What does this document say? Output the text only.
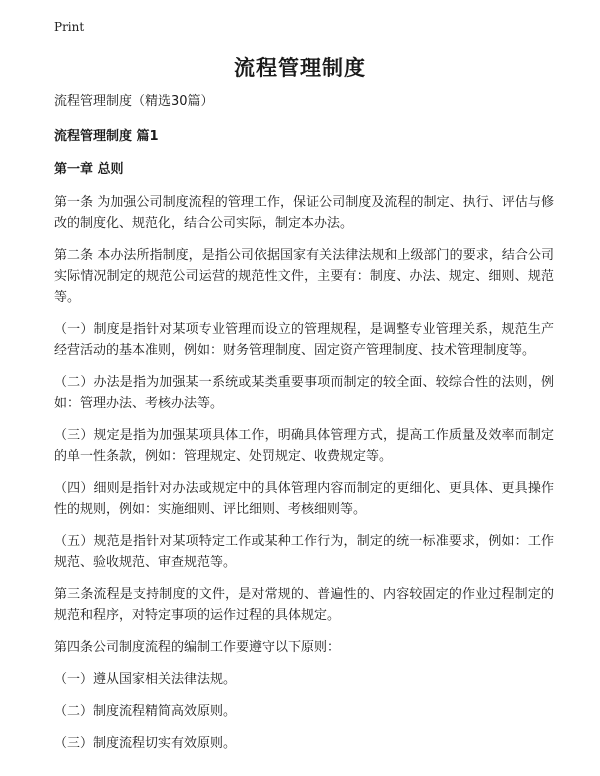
Print
流程管理制度

流程管理制度（精选30篇）

流程管理制度 篇1

第一章 总则

第一条 为加强公司制度流程的管理工作，保证公司制度及流程的制定、执行、评估与修改的制度化、规范化，结合公司实际，制定本办法。

第二条 本办法所指制度，是指公司依据国家有关法律法规和上级部门的要求，结合公司实际情况制定的规范公司运营的规范性文件，主要有：制度、办法、规定、细则、规范等。

（一）制度是指针对某项专业管理而设立的管理规程，是调整专业管理关系，规范生产经营活动的基本准则，例如：财务管理制度、固定资产管理制度、技术管理制度等。

（二）办法是指为加强某一系统或某类重要事项而制定的较全面、较综合性的法则，例如：管理办法、考核办法等。

（三）规定是指为加强某项具体工作，明确具体管理方式，提高工作质量及效率而制定的单一性条款，例如：管理规定、处罚规定、收费规定等。

（四）细则是指针对办法或规定中的具体管理内容而制定的更细化、更具体、更具操作性的规则，例如：实施细则、评比细则、考核细则等。

（五）规范是指针对某项特定工作或某种工作行为，制定的统一标准要求，例如：工作规范、验收规范、审查规范等。

第三条流程是支持制度的文件，是对常规的、普遍性的、内容较固定的作业过程制定的规范和程序，对特定事项的运作过程的具体规定。

第四条公司制度流程的编制工作要遵守以下原则：

（一）遵从国家相关法律法规。

（二）制度流程精简高效原则。

（三）制度流程切实有效原则。
